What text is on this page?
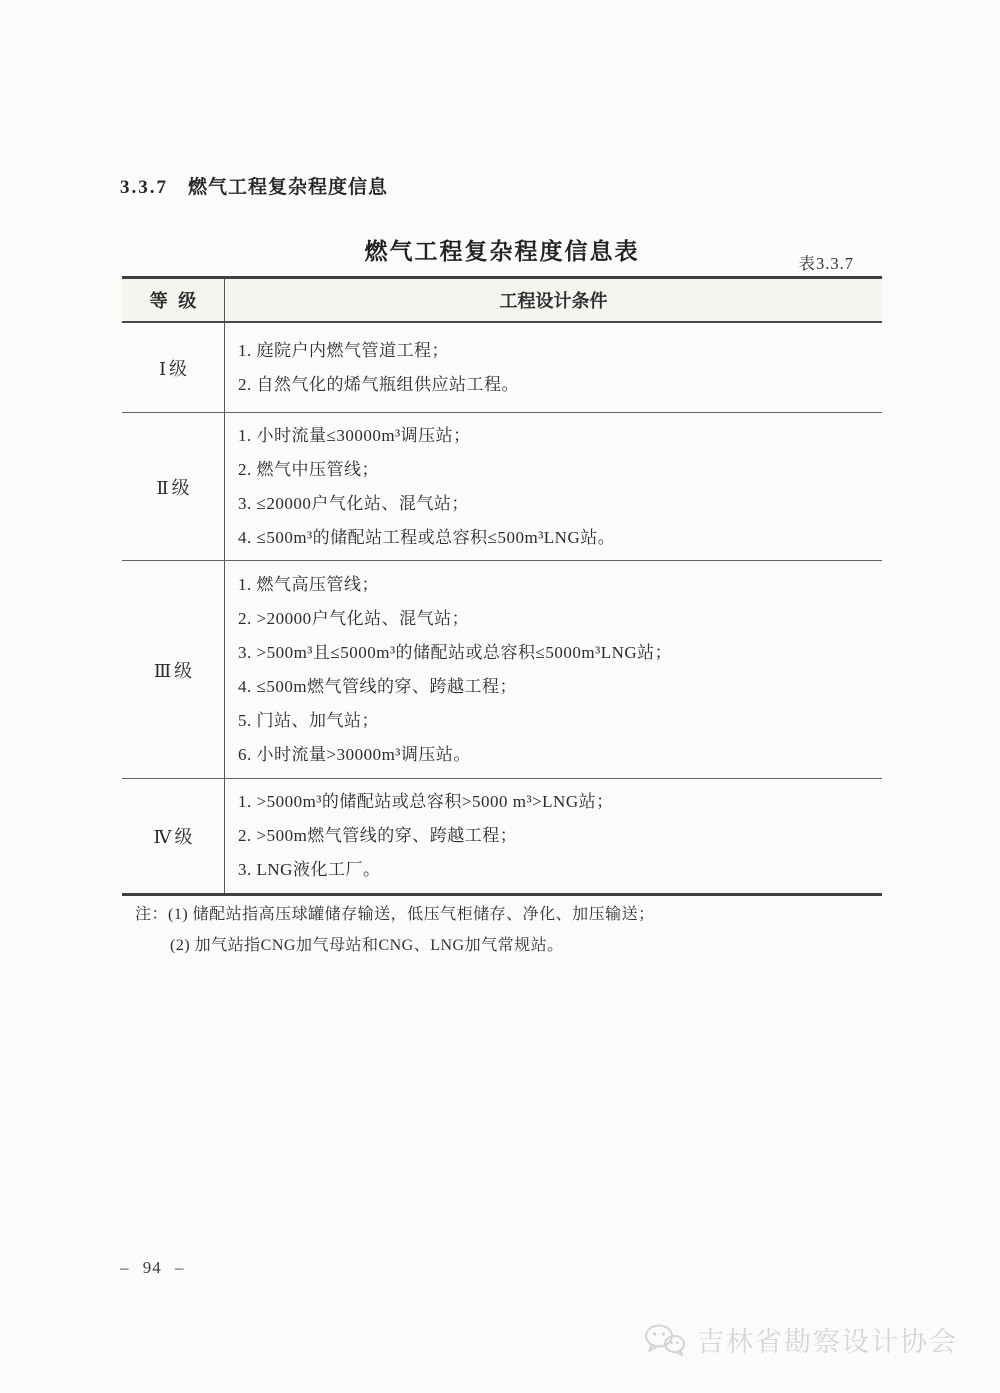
3.3.7 燃气工程复杂程度信息
燃气工程复杂程度信息表	表3.3.7
等 级	工程设计条件
Ⅰ级

1. 庭院户内燃气管道工程；

2. 自然气化的烯气瓶组供应站工程。

Ⅱ级

1. 小时流量≤30000m³调压站；

2. 燃气中压管线；

3. ≤20000户气化站、混气站；

4. ≤500m³的储配站工程或总容积≤500m³LNG站。

Ⅲ级

1. 燃气高压管线；

2. >20000户气化站、混气站；

3. >500m³且≤5000m³的储配站或总容积≤5000m³LNG站；

4. ≤500m燃气管线的穿、跨越工程；

5. 门站、加气站；

6. 小时流量>30000m³调压站。

Ⅳ级

1. >5000m³的储配站或总容积>5000 m³>LNG站；

2. >500m燃气管线的穿、跨越工程；

3. LNG液化工厂。

注：(1) 储配站指高压球罐储存输送，低压气柜储存、净化、加压输送；

(2) 加气站指CNG加气母站和CNG、LNG加气常规站。

– 94 –
吉林省勘察设计协会
